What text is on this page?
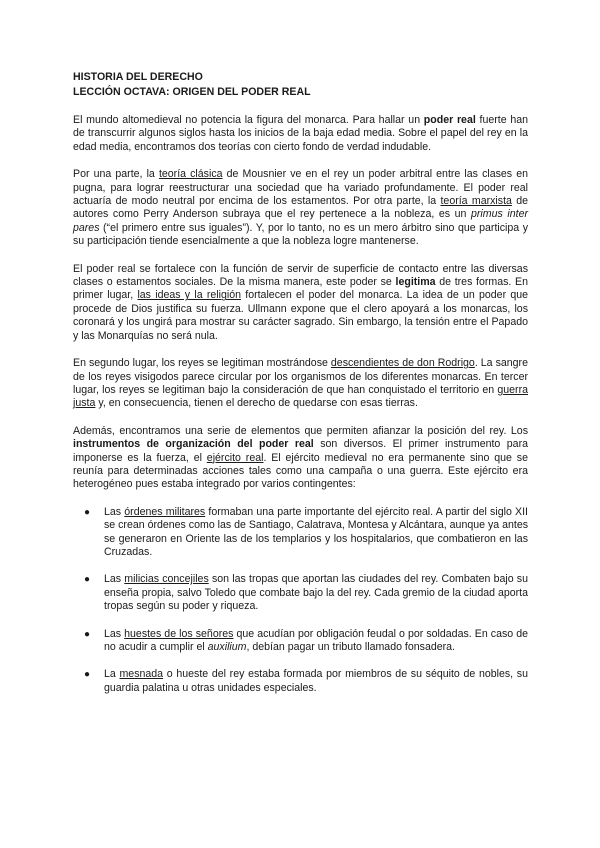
HISTORIA DEL DERECHO
LECCIÓN OCTAVA: ORIGEN DEL PODER REAL

El mundo altomedieval no potencia la figura del monarca. Para hallar un poder real fuerte han de transcurrir algunos siglos hasta los inicios de la baja edad media. Sobre el papel del rey en la edad media, encontramos dos teorías con cierto fondo de verdad indudable.

Por una parte, la teoría clásica de Mousnier ve en el rey un poder arbitral entre las clases en pugna, para lograr reestructurar una sociedad que ha variado profundamente. El poder real actuaría de modo neutral por encima de los estamentos. Por otra parte, la teoría marxista de autores como Perry Anderson subraya que el rey pertenece a la nobleza, es un primus inter pares (“el primero entre sus iguales”). Y, por lo tanto, no es un mero árbitro sino que participa y su participación tiende esencialmente a que la nobleza logre mantenerse.

El poder real se fortalece con la función de servir de superficie de contacto entre las diversas clases o estamentos sociales. De la misma manera, este poder se legitima de tres formas. En primer lugar, las ideas y la religión fortalecen el poder del monarca. La idea de un poder que procede de Dios justifica su fuerza. Ullmann expone que el clero apoyará a los monarcas, los coronará y los ungirá para mostrar su carácter sagrado. Sin embargo, la tensión entre el Papado y las Monarquías no será nula.

En segundo lugar, los reyes se legitiman mostrándose descendientes de don Rodrigo. La sangre de los reyes visigodos parece circular por los organismos de los diferentes monarcas. En tercer lugar, los reyes se legitiman bajo la consideración de que han conquistado el territorio en guerra justa y, en consecuencia, tienen el derecho de quedarse con esas tierras.

Además, encontramos una serie de elementos que permiten afianzar la posición del rey. Los instrumentos de organización del poder real son diversos. El primer instrumento para imponerse es la fuerza, el ejército real. El ejército medieval no era permanente sino que se reunía para determinadas acciones tales como una campaña o una guerra. Este ejército era heterogéneo pues estaba integrado por varios contingentes:

● Las órdenes militares formaban una parte importante del ejército real. A partir del siglo XII se crean órdenes como las de Santiago, Calatrava, Montesa y Alcántara, aunque ya antes se generaron en Oriente las de los templarios y los hospitalarios, que combatieron en las Cruzadas.
● Las milicias concejiles son las tropas que aportan las ciudades del rey. Combaten bajo su enseña propia, salvo Toledo que combate bajo la del rey. Cada gremio de la ciudad aporta tropas según su poder y riqueza.
● Las huestes de los señores que acudían por obligación feudal o por soldadas. En caso de no acudir a cumplir el auxilium, debían pagar un tributo llamado fonsadera.
● La mesnada o hueste del rey estaba formada por miembros de su séquito de nobles, su guardia palatina u otras unidades especiales.
